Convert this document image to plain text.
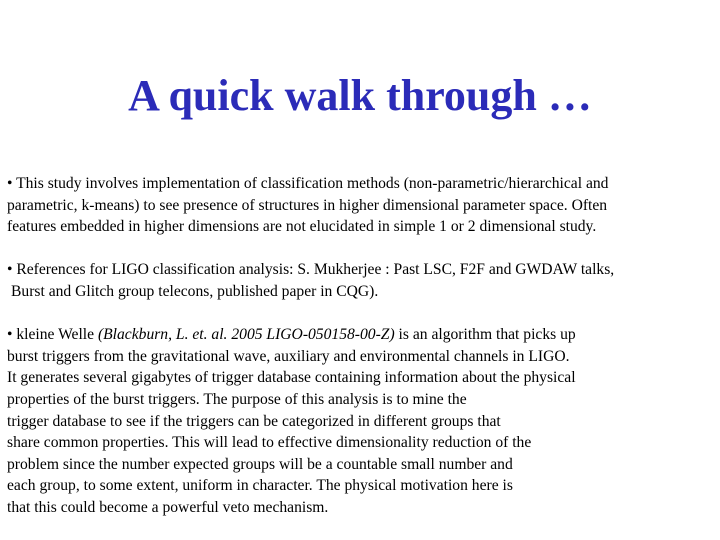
A quick walk through …

• This study involves implementation of classification methods (non-parametric/hierarchical and
parametric, k-means) to see presence of structures in higher dimensional parameter space. Often
features embedded in higher dimensions are not elucidated in simple 1 or 2 dimensional study.

• References for LIGO classification analysis: S. Mukherjee : Past LSC, F2F and GWDAW talks,
Burst and Glitch group telecons, published paper in CQG).

• kleine Welle (Blackburn, L. et. al. 2005 LIGO-050158-00-Z) is an algorithm that picks up
burst triggers from the gravitational wave, auxiliary and environmental channels in LIGO.
It generates several gigabytes of trigger database containing information about the physical
properties of the burst triggers. The purpose of this analysis is to mine the
trigger database to see if the triggers can be categorized in different groups that
share common properties. This will lead to effective dimensionality reduction of the
problem since the number expected groups will be a countable small number and
each group, to some extent, uniform in character. The physical motivation here is
that this could become a powerful veto mechanism.
